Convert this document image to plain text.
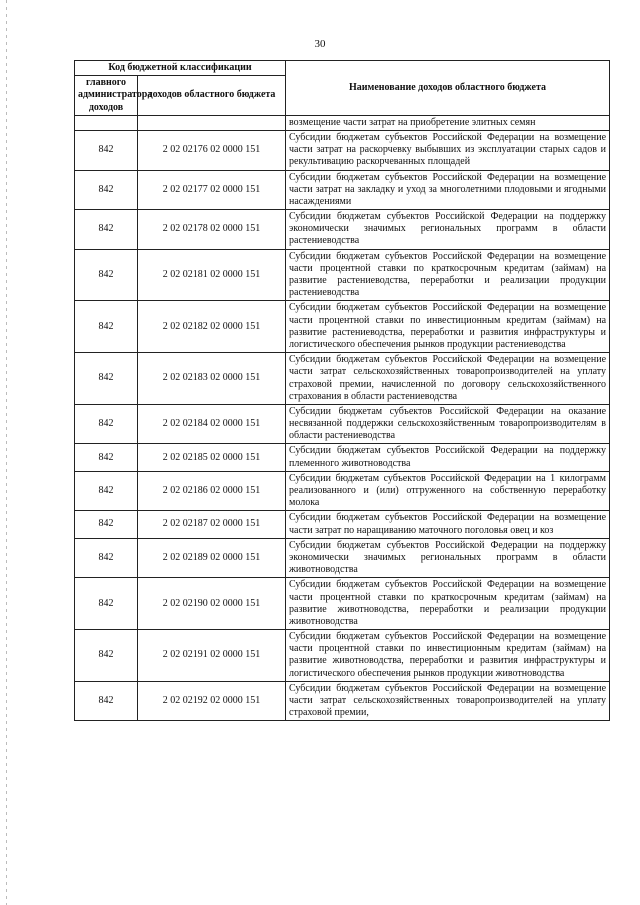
30
Код бюджетной классификации		Наименование доходов областного бюджета
главного администратора доходов	доходов областного бюджета	
		возмещение части затрат на приобретение элитных семян
842	2 02 02176 02 0000 151	Субсидии бюджетам субъектов Российской Федерации на возмещение части затрат на раскорчевку выбывших из эксплуатации старых садов и рекультивацию раскорчеванных площадей
842	2 02 02177 02 0000 151	Субсидии бюджетам субъектов Российской Федерации на возмещение части затрат на закладку и уход за многолетними плодовыми и ягодными насаждениями
842	2 02 02178 02 0000 151	Субсидии бюджетам субъектов Российской Федерации на поддержку экономически значимых региональных программ в области растениеводства
842	2 02 02181 02 0000 151	Субсидии бюджетам субъектов Российской Федерации на возмещение части процентной ставки по краткосрочным кредитам (займам) на развитие растениеводства, переработки и реализации продукции растениеводства
842	2 02 02182 02 0000 151	Субсидии бюджетам субъектов Российской Федерации на возмещение части процентной ставки по инвестиционным кредитам (займам) на развитие растениеводства, переработки и развития инфраструктуры и логистического обеспечения рынков продукции растениеводства
842	2 02 02183 02 0000 151	Субсидии бюджетам субъектов Российской Федерации на возмещение части затрат сельскохозяйственных товаропроизводителей на уплату страховой премии, начисленной по договору сельскохозяйственного страхования в области растениеводства
842	2 02 02184 02 0000 151	Субсидии бюджетам субъектов Российской Федерации на оказание несвязанной поддержки сельскохозяйственным товаропроизводителям в области растениеводства
842	2 02 02185 02 0000 151	Субсидии бюджетам субъектов Российской Федерации на поддержку племенного животноводства
842	2 02 02186 02 0000 151	Субсидии бюджетам субъектов Российской Федерации на 1 килограмм реализованного и (или) отгруженного на собственную переработку молока
842	2 02 02187 02 0000 151	Субсидии бюджетам субъектов Российской Федерации на возмещение части затрат по наращиванию маточного поголовья овец и коз
842	2 02 02189 02 0000 151	Субсидии бюджетам субъектов Российской Федерации на поддержку экономически значимых региональных программ в области животноводства
842	2 02 02190 02 0000 151	Субсидии бюджетам субъектов Российской Федерации на возмещение части процентной ставки по краткосрочным кредитам (займам) на развитие животноводства, переработки и реализации продукции животноводства
842	2 02 02191 02 0000 151	Субсидии бюджетам субъектов Российской Федерации на возмещение части процентной ставки по инвестиционным кредитам (займам) на развитие животноводства, переработки и развития инфраструктуры и логистического обеспечения рынков продукции животноводства
842	2 02 02192 02 0000 151	Субсидии бюджетам субъектов Российской Федерации на возмещение части затрат сельскохозяйственных товаропроизводителей на уплату страховой премии,
